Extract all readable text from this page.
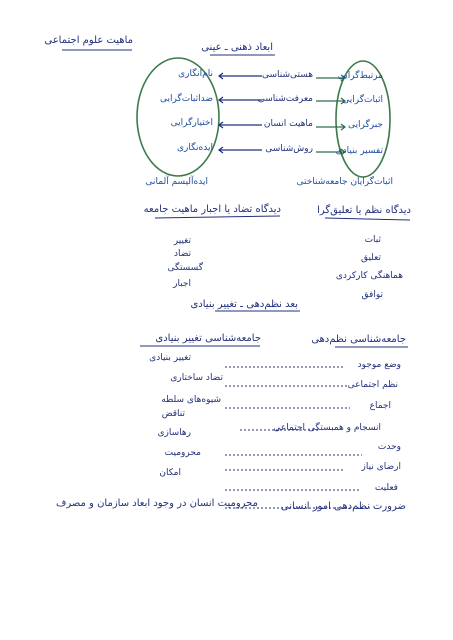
ماهیت علوم اجتماعی
ابعاد ذهنی ـ عینی
مرتبط‌گرایی
اثبات‌گرایی
جبرگرایی
تفسیر بنیادی
هستی‌شناسی
معرفت‌شناسی
ماهیت انسان
روش‌شناسی
نام‌انگاری
ضداثبات‌گرایی
اختیارگرایی
ایده‌نگاری
اثبات‌گرایان جامعه‌شناختی
ایده‌آلیسم آلمانی
دیدگاه نظم یا تعلیق‌گرا
دیدگاه تضاد یا اجبار ماهیت جامعه
ثبات
تعلیق
هماهنگی کارکردی
توافق
تغییر
تضاد
گسستگی
اجبار
بعد نظم‌دهی ـ تغییر بنیادی
جامعه‌شناسی نظم‌دهی
جامعه‌شناسی تغییر بنیادی
وضع موجود
نظم اجتماعی
اجماع
انسجام و همبستگی اجتماعی
وحدت
ارضای نیاز
فعلیت
تغییر بنیادی
تضاد ساختاری
شیوه‌های سلطه
تناقض
رهاسازی
محرومیت
امکان
ضرورت نظم‌دهی امور انسانی
محرومیت انسان در وجود ابعاد سازمان و مصرف
